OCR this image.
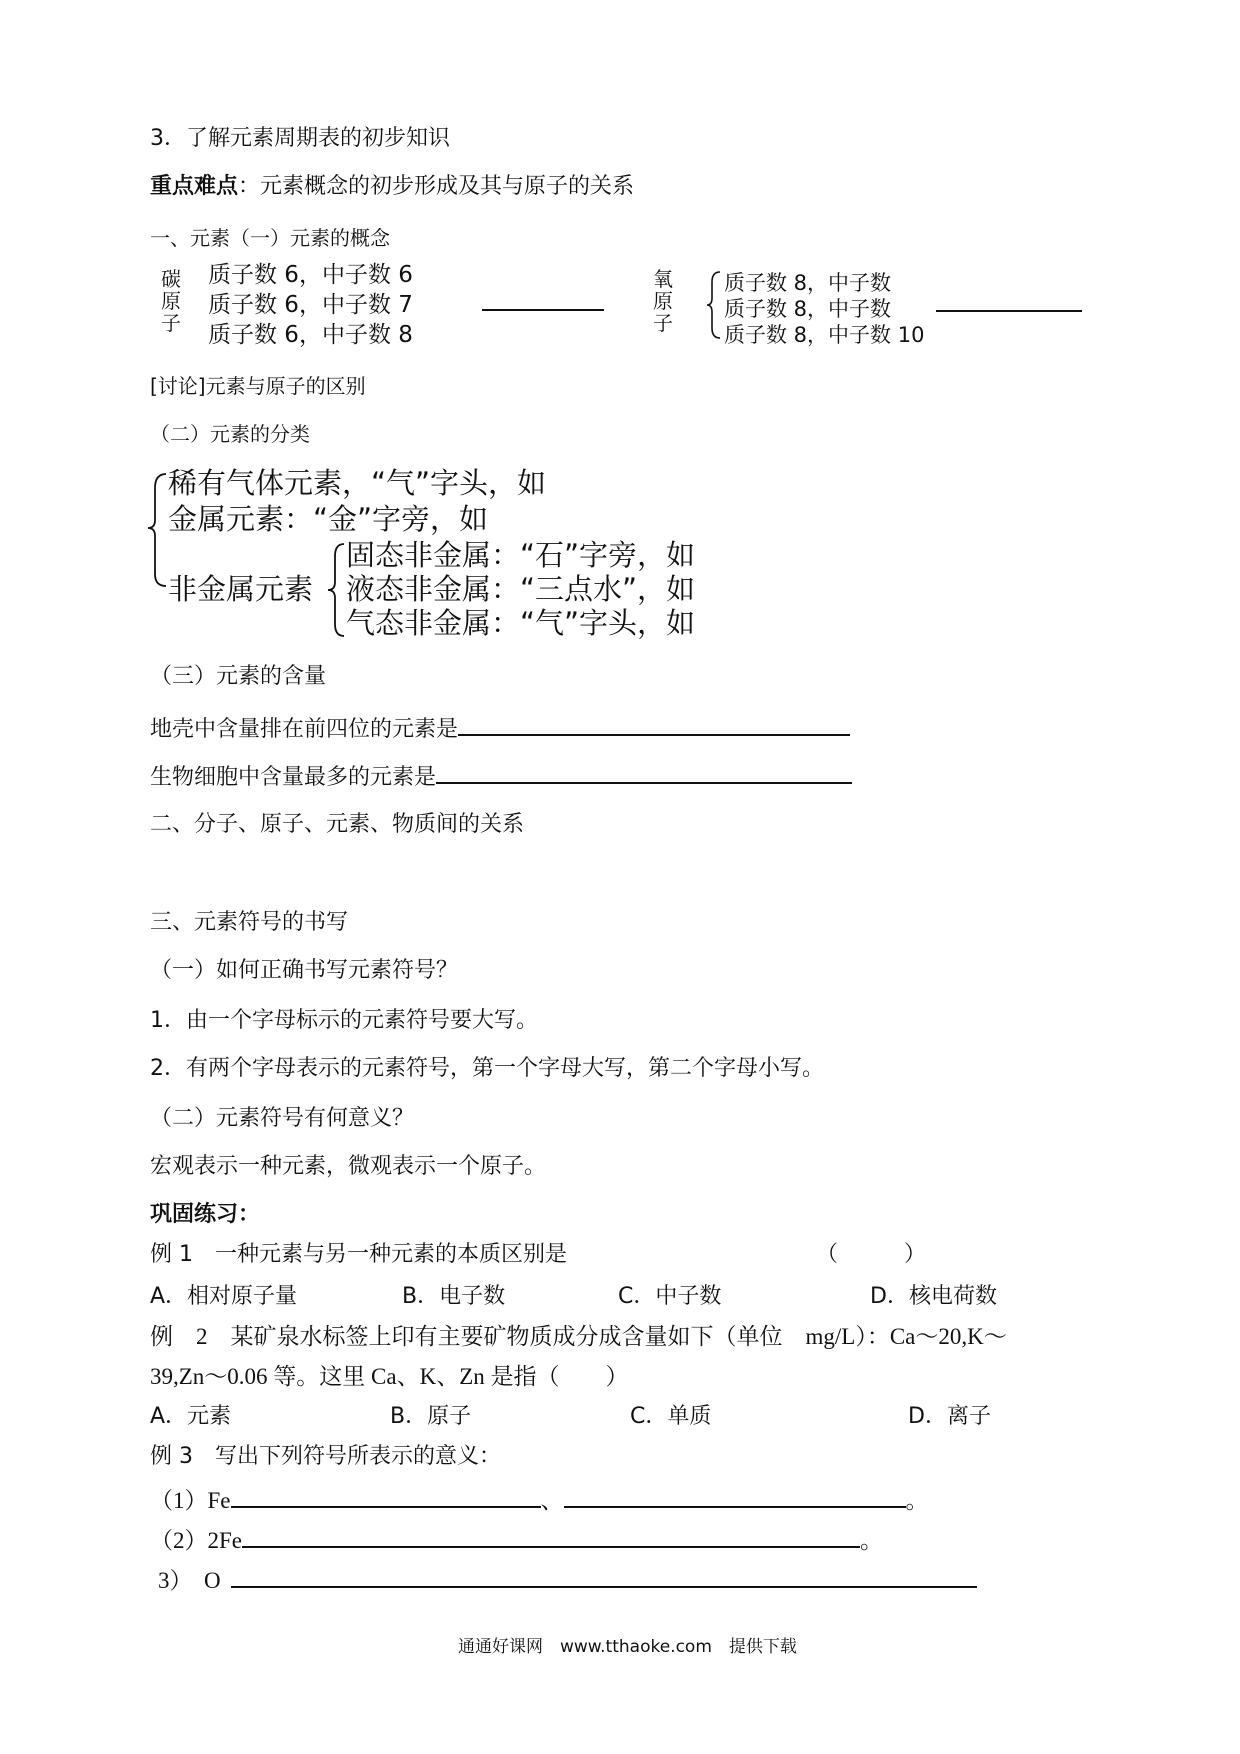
3．了解元素周期表的初步知识
重点难点：元素概念的初步形成及其与原子的关系
一、元素（一）元素的概念
碳
原
子
质子数 6，中子数 6
质子数 6，中子数 7
质子数 6，中子数 8
氧
原
子
质子数 8，中子数
质子数 8，中子数
质子数 8，中子数 10
[讨论]元素与原子的区别
（二）元素的分类
稀有气体元素，“气”字头，如
金属元素：“金”字旁，如
非金属元素
固态非金属：“石”字旁，如
液态非金属：“三点水”，如
气态非金属：“气”字头，如
（三）元素的含量
地壳中含量排在前四位的元素是
生物细胞中含量最多的元素是
二、分子、原子、元素、物质间的关系
三、元素符号的书写
（一）如何正确书写元素符号？
1．由一个字母标示的元素符号要大写。
2．有两个字母表示的元素符号，第一个字母大写，第二个字母小写。
（二）元素符号有何意义？
宏观表示一种元素，微观表示一个原子。
巩固练习：
例 1　一种元素与另一种元素的本质区别是	（　　　）
A．相对原子量	B．电子数	C．中子数	D．核电荷数
例　2　某矿泉水标签上印有主要矿物质成分成含量如下（单位　mg/L）：Ca～20,K～
39,Zn～0.06 等。这里 Ca、K、Zn 是指（　　）
A．元素	B．原子	C．单质	D．离子
例 3　写出下列符号所表示的意义：
（1）Fe	、	。
（2）2Fe	。
3）　O
通通好课网　www.tthaoke.com　提供下载
